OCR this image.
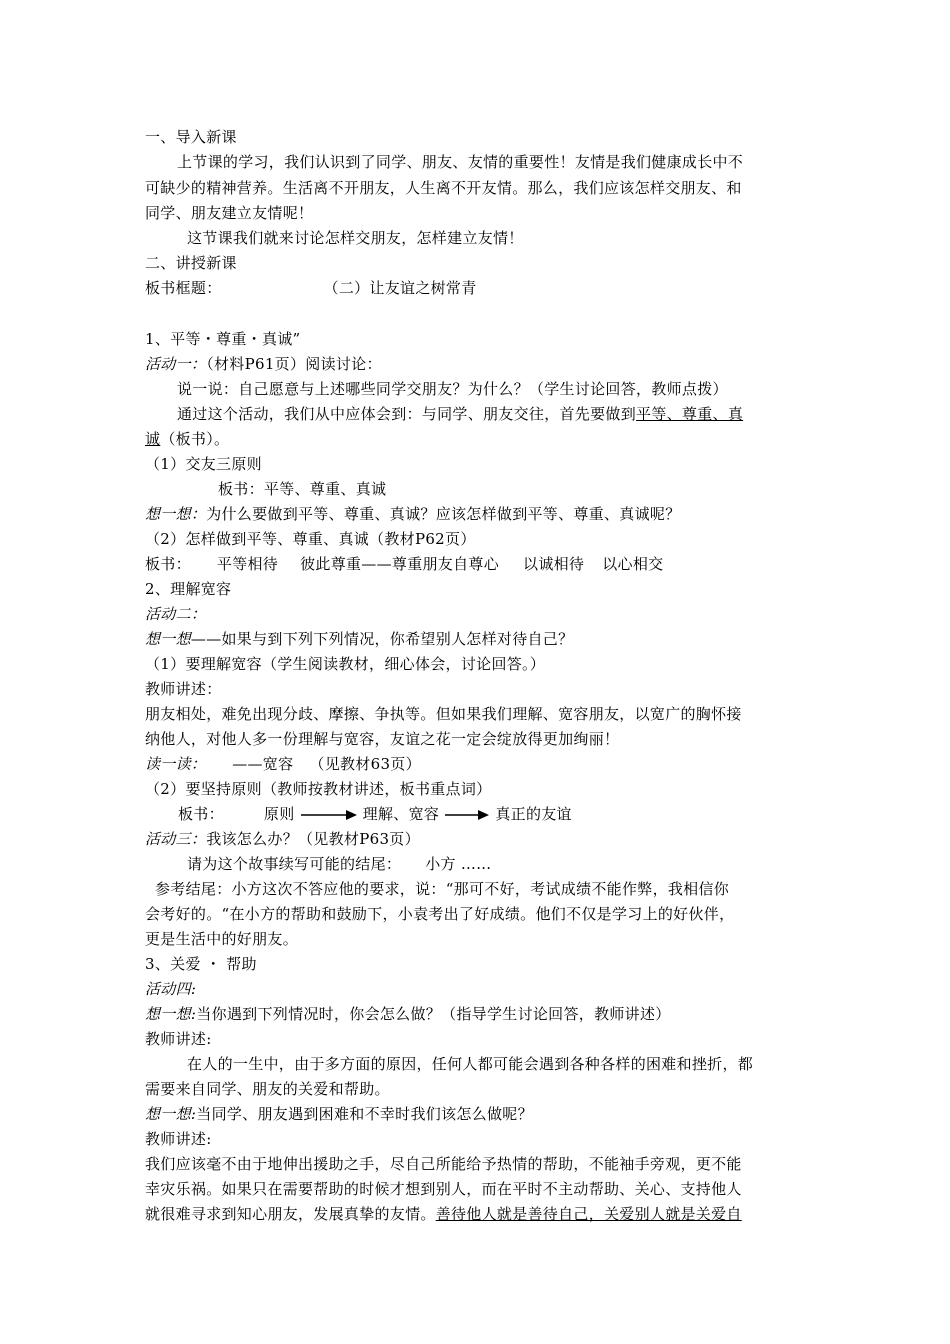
一、导入新课
上节课的学习，我们认识到了同学、朋友、友情的重要性！友情是我们健康成长中不
可缺少的精神营养。生活离不开朋友，人生离不开友情。那么，我们应该怎样交朋友、和
同学、朋友建立友情呢！
这节课我们就来讨论怎样交朋友，怎样建立友情！
二、讲授新课
板书框题：	（二）让友谊之树常青
1、平等・尊重・真诚”
活动一：（材料P61页）阅读讨论：
说一说：自己愿意与上述哪些同学交朋友？为什么？（学生讨论回答，教师点拨）
通过这个活动，我们从中应体会到：与同学、朋友交往，首先要做到平等、尊重、真
诚（板书）。
（1）交友三原则
板书：平等、尊重、真诚
想一想：为什么要做到平等、尊重、真诚？应该怎样做到平等、尊重、真诚呢？
（2）怎样做到平等、尊重、真诚（教材P62页）
板书： 平等相待 彼此尊重——尊重朋友自尊心 以诚相待 以心相交
2、理解宽容
活动二：
想一想——如果与到下列下列情况，你希望别人怎样对待自己？
（1）要理解宽容（学生阅读教材，细心体会，讨论回答。）
教师讲述：
朋友相处，难免出现分歧、摩擦、争执等。但如果我们理解、宽容朋友，以宽广的胸怀接
纳他人，对他人多一份理解与宽容，友谊之花一定会绽放得更加绚丽！
读一读： ——宽容 （见教材63页）
（2）要坚持原则（教师按教材讲述，板书重点词）
板书：	原则	理解、宽容	真正的友谊
活动三：我该怎么办？（见教材P63页）
请为这个故事续写可能的结尾： 小方 ……
参考结尾：小方这次不答应他的要求，说：“那可不好，考试成绩不能作弊，我相信你
会考好的。“在小方的帮助和鼓励下，小袁考出了好成绩。他们不仅是学习上的好伙伴，
更是生活中的好朋友。
3、关爱 ・ 帮助
活动四:
想一想:当你遇到下列情况时，你会怎么做？（指导学生讨论回答，教师讲述）
教师讲述:
在人的一生中，由于多方面的原因，任何人都可能会遇到各种各样的困难和挫折，都
需要来自同学、朋友的关爱和帮助。
想一想:当同学、朋友遇到困难和不幸时我们该怎么做呢？
教师讲述:
我们应该毫不由于地伸出援助之手，尽自己所能给予热情的帮助，不能袖手旁观，更不能
幸灾乐祸。如果只在需要帮助的时候才想到别人，而在平时不主动帮助、关心、支持他人
就很难寻求到知心朋友，发展真挚的友情。善待他人就是善待自己，关爱别人就是关爱自
